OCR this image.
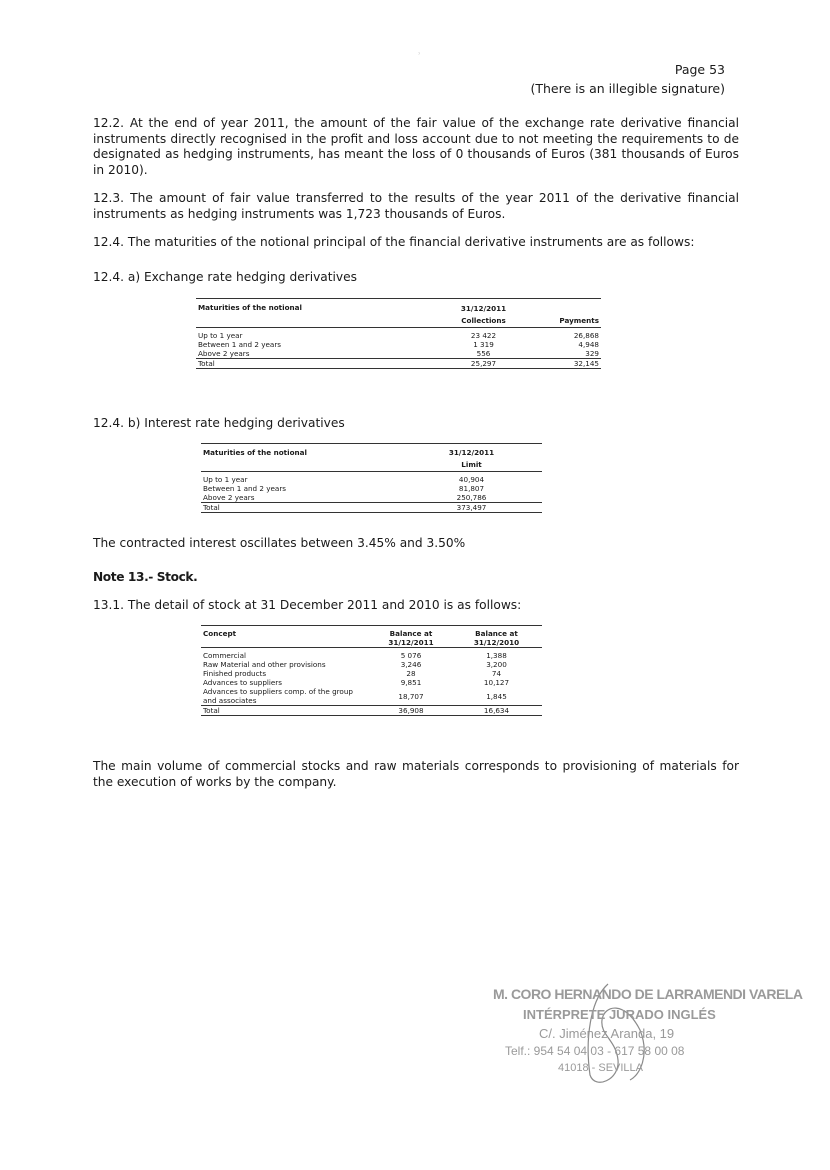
Page 53
(There is an illegible signature)

12.2. At the end of year 2011, the amount of the fair value of the exchange rate derivative financial instruments directly recognised in the profit and loss account due to not meeting the requirements to de designated as hedging instruments, has meant the loss of 0 thousands of Euros (381 thousands of Euros in 2010).

12.3. The amount of fair value transferred to the results of the year 2011 of the derivative financial instruments as hedging instruments was 1,723 thousands of Euros.

12.4. The maturities of the notional principal of the financial derivative instruments are as follows:

12.4. a) Exchange rate hedging derivatives

Maturities of the notional		31/12/2011	
		Collections	Payments
Up to 1 year		23 422	26,868
Between 1 and 2 years		1 319	4,948
Above 2 years		556	329
Total		25,297	32,145

12.4. b) Interest rate hedging derivatives

Maturities of the notional	31/12/2011
	Limit
Up to 1 year	40,904
Between 1 and 2 years	81,807
Above 2 years	250,786
Total	373,497

The contracted interest oscillates between 3.45% and 3.50%

Note 13.- Stock.

13.1. The detail of stock at 31 December 2011 and 2010 is as follows:

Concept	Balance at	Balance at
	31/12/2011	31/12/2010
Commercial	5 076	1,388
Raw Material and other provisions	3,246	3,200
Finished products	28	74
Advances to suppliers	9,851	10,127

Advances to suppliers comp. of the group
and associates	18,707	1,845
Total	36,908	16,634

The main volume of commercial stocks and raw materials corresponds to provisioning of materials for the execution of works by the company.

M. CORO HERNANDO DE LARRAMENDI VARELA
INTÉRPRETE JURADO INGLÉS
C/. Jiménez Aranda, 19
Telf.: 954 54 04 03 - 617 58 00 08
41018 - SEVILLA
ʾ
